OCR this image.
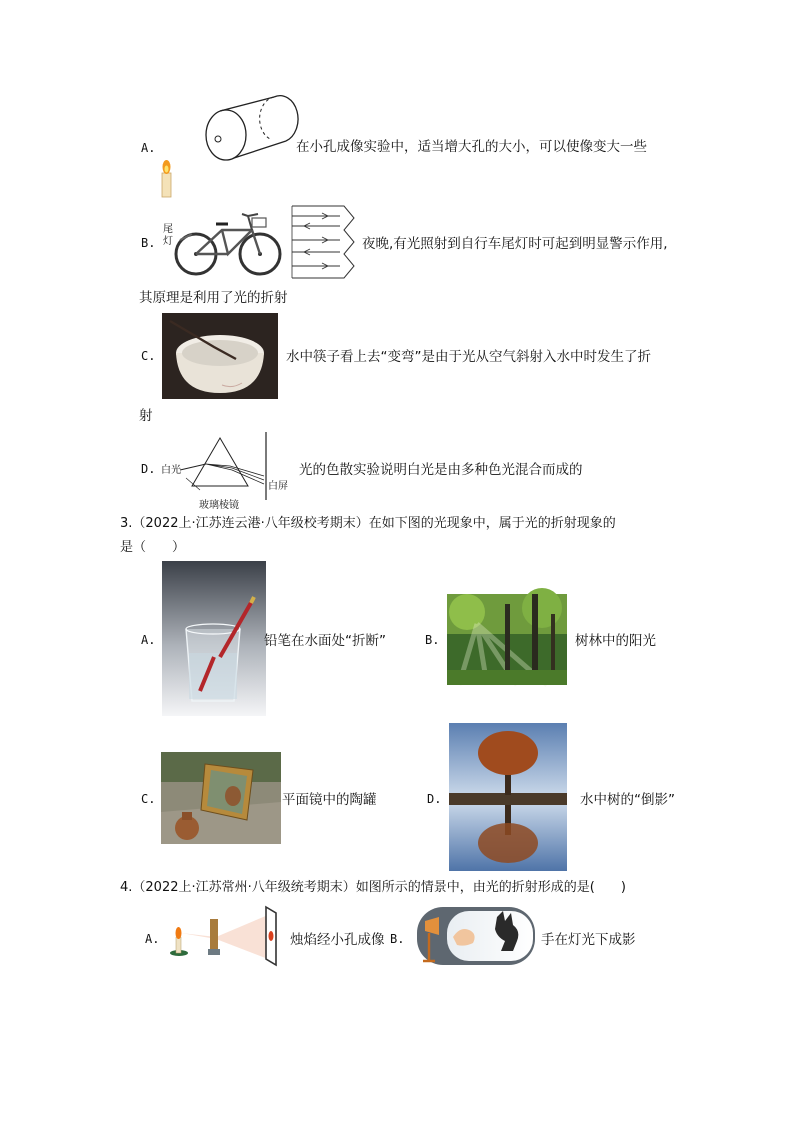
A.	在小孔成像实验中，适当增大孔的大小，可以使像变大一些
B.
尾灯	夜晚,有光照射到自行车尾灯时可起到明显警示作用,
其原理是利用了光的折射
C.	水中筷子看上去“变弯”是由于光从空气斜射入水中时发生了折
射
D. 白光
玻璃棱镜
白屏
光的色散实验说明白光是由多种色光混合而成的
3.（2022上·江苏连云港·八年级校考期末）在如下图的光现象中，属于光的折射现象的
是（　　）
A.	铅笔在水面处“折断”	B.	树林中的阳光
C.	平面镜中的陶罐	D.	水中树的“倒影”
4.（2022上·江苏常州·八年级统考期末）如图所示的情景中，由光的折射形成的是(　　)
A.	烛焰经小孔成像 B.	手在灯光下成影
